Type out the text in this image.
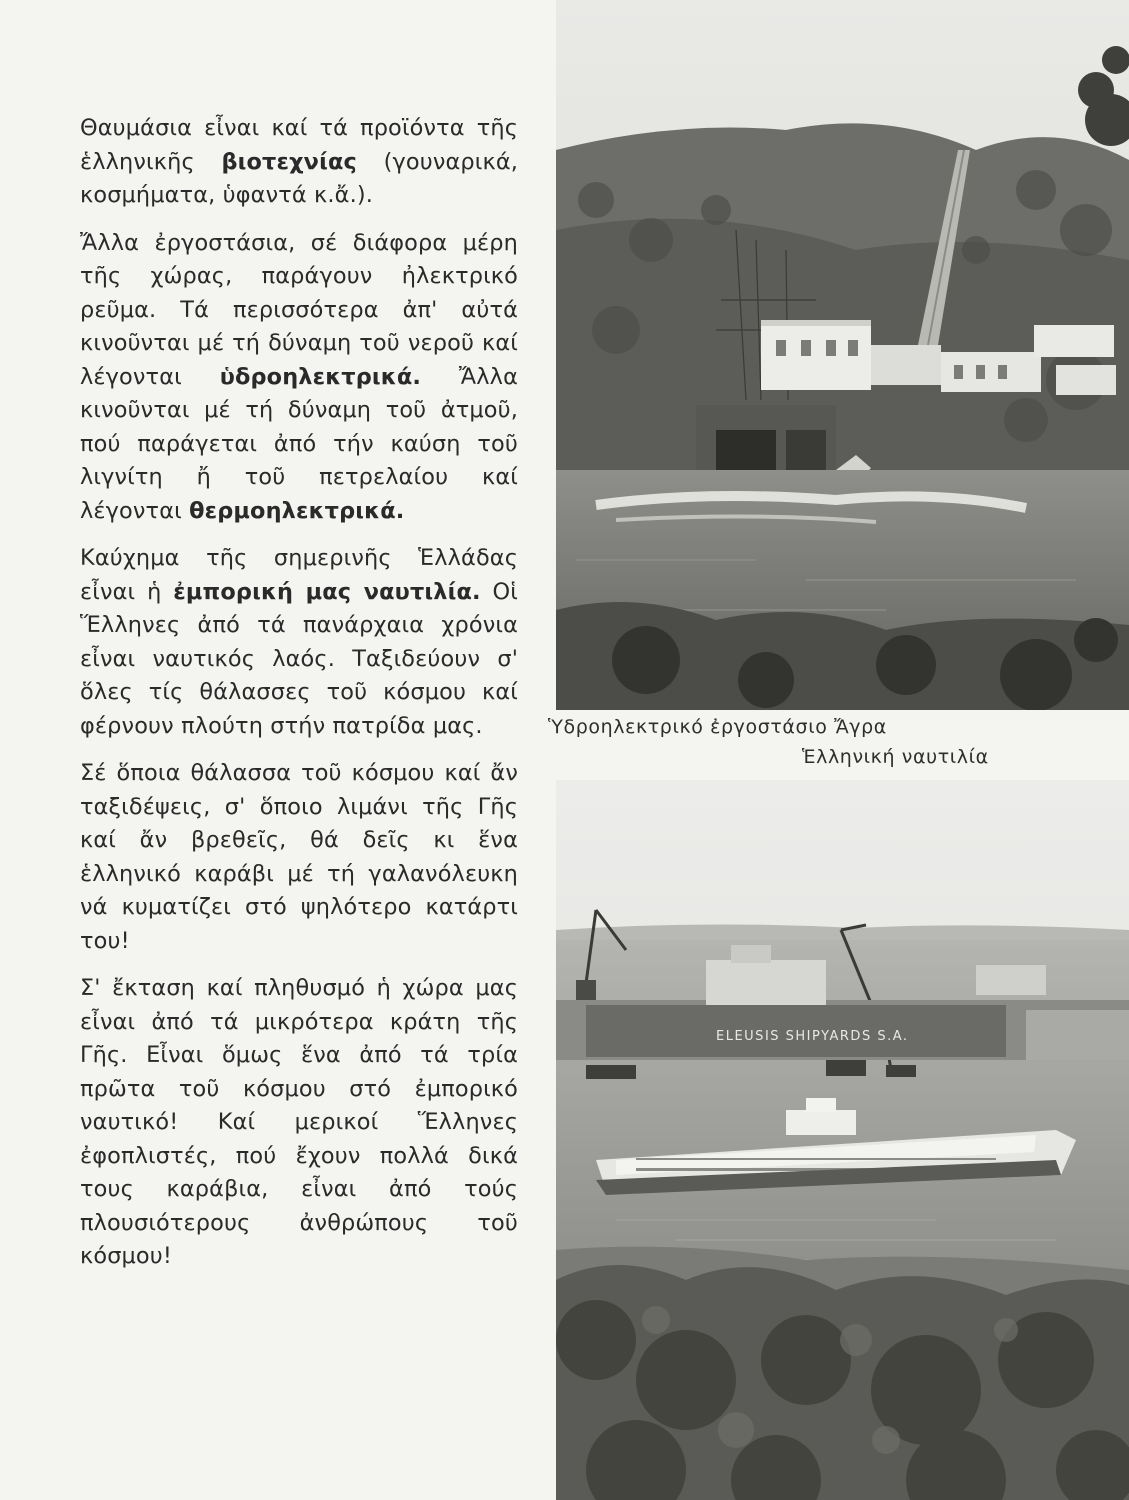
Θαυμάσια εἶναι καί τά προϊόντα τῆς ἑλληνικῆς βιοτεχνίας (γουναρικά, κοσμήματα, ὑφαντά κ.ἄ.).

Ἄλλα ἐργοστάσια, σέ διάφορα μέρη τῆς χώρας, παράγουν ἠλεκτρικό ρεῦμα. Τά περισσότερα ἀπ' αὐτά κινοῦνται μέ τή δύναμη τοῦ νεροῦ καί λέγονται ὑδροηλεκτρικά. Ἄλλα κινοῦνται μέ τή δύναμη τοῦ ἀτμοῦ, πού παράγεται ἀπό τήν καύση τοῦ λιγνίτη ἤ τοῦ πετρελαίου καί λέγονται θερμοηλεκτρικά.

Καύχημα τῆς σημερινῆς Ἑλλάδας εἶναι ἡ ἐμπορική μας ναυτιλία. Οἱ Ἕλληνες ἀπό τά πανάρχαια χρόνια εἶναι ναυτικός λαός. Ταξιδεύουν σ' ὅλες τίς θάλασσες τοῦ κόσμου καί φέρνουν πλούτη στήν πατρίδα μας.

Σέ ὅποια θάλασσα τοῦ κόσμου καί ἄν ταξιδέψεις, σ' ὅποιο λιμάνι τῆς Γῆς καί ἄν βρεθεῖς, θά δεῖς κι ἕνα ἑλληνικό καράβι μέ τή γαλανόλευκη νά κυματίζει στό ψηλότερο κατάρτι του!

Σ' ἔκταση καί πληθυσμό ἡ χώρα μας εἶναι ἀπό τά μικρότερα κράτη τῆς Γῆς. Εἶναι ὅμως ἕνα ἀπό τά τρία πρῶτα τοῦ κόσμου στό ἐμπορικό ναυτικό! Καί μερικοί Ἕλληνες ἐφοπλιστές, πού ἔχουν πολλά δικά τους καράβια, εἶναι ἀπό τούς πλουσιότερους ἀνθρώπους τοῦ κόσμου!

Ὑδροηλεκτρικό ἐργοστάσιο Ἄγρα
Ἑλληνική ναυτιλία
ELEUSIS SHIPYARDS S.A.
